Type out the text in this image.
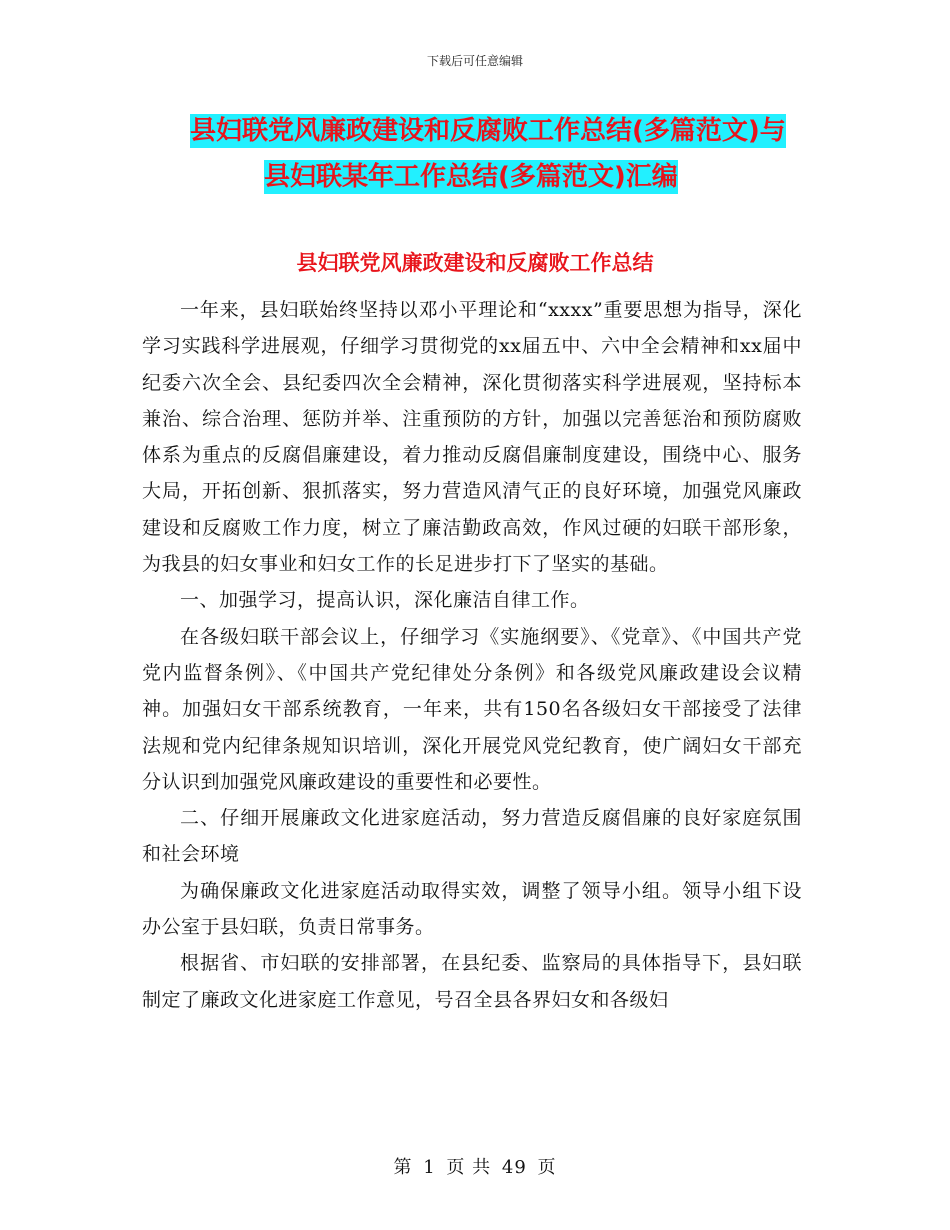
下载后可任意编辑
县妇联党风廉政建设和反腐败工作总结(多篇范文)与
县妇联某年工作总结(多篇范文)汇编
县妇联党风廉政建设和反腐败工作总结

一年来，县妇联始终坚持以邓小平理论和“xxxx”重要思想为指导，深化学习实践科学进展观，仔细学习贯彻党的xx届五中、六中全会精神和xx届中纪委六次全会、县纪委四次全会精神，深化贯彻落实科学进展观，坚持标本兼治、综合治理、惩防并举、注重预防的方针，加强以完善惩治和预防腐败体系为重点的反腐倡廉建设，着力推动反腐倡廉制度建设，围绕中心、服务大局，开拓创新、狠抓落实，努力营造风清气正的良好环境，加强党风廉政建设和反腐败工作力度，树立了廉洁勤政高效，作风过硬的妇联干部形象，为我县的妇女事业和妇女工作的长足进步打下了坚实的基础。

一、加强学习，提高认识，深化廉洁自律工作。

在各级妇联干部会议上，仔细学习《实施纲要》、《党章》、《中国共产党党内监督条例》、《中国共产党纪律处分条例》和各级党风廉政建设会议精神。加强妇女干部系统教育，一年来，共有150名各级妇女干部接受了法律法规和党内纪律条规知识培训，深化开展党风党纪教育，使广阔妇女干部充分认识到加强党风廉政建设的重要性和必要性。

二、仔细开展廉政文化进家庭活动，努力营造反腐倡廉的良好家庭氛围和社会环境

为确保廉政文化进家庭活动取得实效，调整了领导小组。领导小组下设办公室于县妇联，负责日常事务。

根据省、市妇联的安排部署，在县纪委、监察局的具体指导下，县妇联制定了廉政文化进家庭工作意见，号召全县各界妇女和各级妇

第 1 页 共 49 页
